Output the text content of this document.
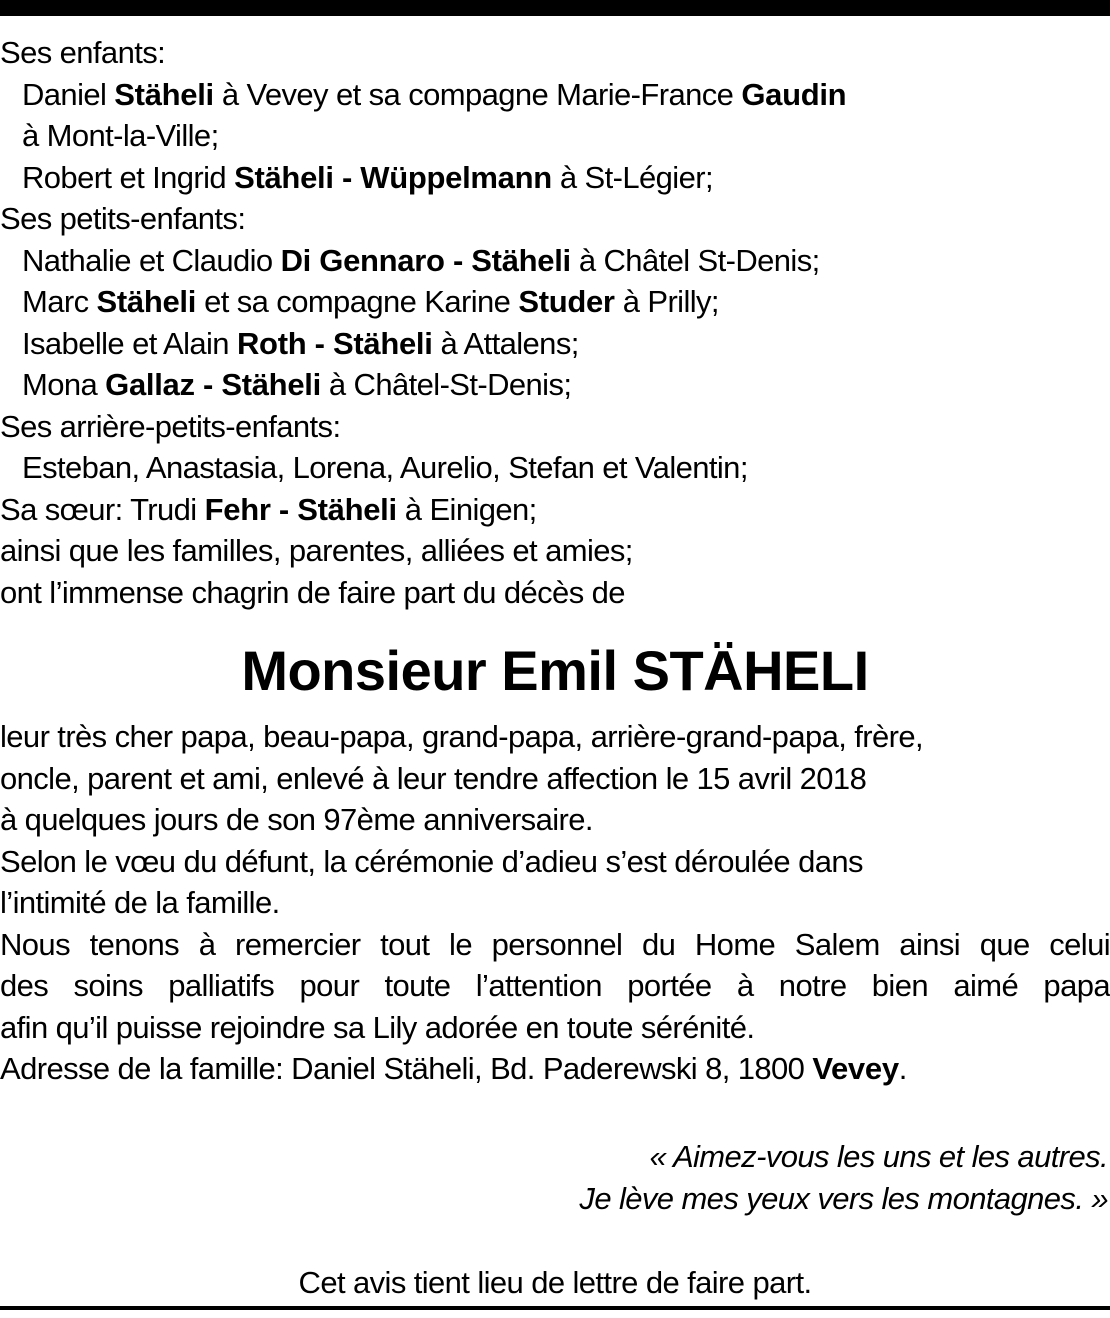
Ses enfants:
Daniel Stäheli à Vevey et sa compagne Marie-France Gaudin
à Mont-la-Ville;
Robert et Ingrid Stäheli - Wüppelmann à St-Légier;
Ses petits-enfants:
Nathalie et Claudio Di Gennaro - Stäheli à Châtel St-Denis;
Marc Stäheli et sa compagne Karine Studer à Prilly;
Isabelle et Alain Roth - Stäheli à Attalens;
Mona Gallaz - Stäheli à Châtel-St-Denis;
Ses arrière-petits-enfants:
Esteban, Anastasia, Lorena, Aurelio, Stefan et Valentin;
Sa sœur: Trudi Fehr - Stäheli à Einigen;
ainsi que les familles, parentes, alliées et amies;
ont l’immense chagrin de faire part du décès de
Monsieur Emil STÄHELI
leur très cher papa, beau-papa, grand-papa, arrière-grand-papa, frère,
oncle, parent et ami, enlevé à leur tendre affection le 15 avril 2018
à quelques jours de son 97ème anniversaire.
Selon le vœu du défunt, la cérémonie d’adieu s’est déroulée dans
l’intimité de la famille.
Nous tenons à remercier tout le personnel du Home Salem ainsi que celui
des soins palliatifs pour toute l’attention portée à notre bien aimé papa
afin qu’il puisse rejoindre sa Lily adorée en toute sérénité.
Adresse de la famille: Daniel Stäheli, Bd. Paderewski 8, 1800 Vevey.
« Aimez-vous les uns et les autres.
Je lève mes yeux vers les montagnes. »
Cet avis tient lieu de lettre de faire part.
